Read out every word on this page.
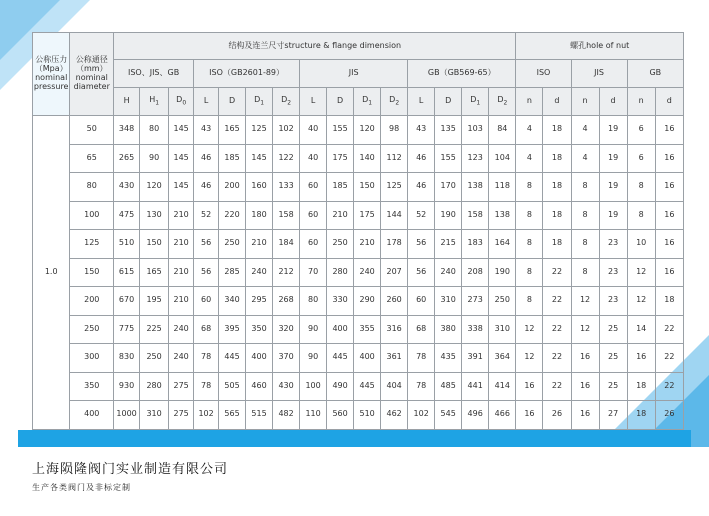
公称压力（Mpa）nominal pressure	公称通径（mm）nominal diameter	结构及连兰尺寸structure & flange dimension															螺孔hole of nut					
		ISO、JIS、GB			ISO（GB2601-89）				JIS				GB（GB569-65）				ISO		JIS		GB	
		H	$H_1$	$D_0$	L	D	$D_1$	$D_2$	L	D	$D_1$	$D_2$	L	D	$D_1$	$D_2$	n	d	n	d	n	d
1.0	50	348	80	145	43	165	125	102	40	155	120	98	43	135	103	84	4	18	4	19	6	16
	65	265	90	145	46	185	145	122	40	175	140	112	46	155	123	104	4	18	4	19	6	16
	80	430	120	145	46	200	160	133	60	185	150	125	46	170	138	118	8	18	8	19	8	16
	100	475	130	210	52	220	180	158	60	210	175	144	52	190	158	138	8	18	8	19	8	16
	125	510	150	210	56	250	210	184	60	250	210	178	56	215	183	164	8	18	8	23	10	16
	150	615	165	210	56	285	240	212	70	280	240	207	56	240	208	190	8	22	8	23	12	16
	200	670	195	210	60	340	295	268	80	330	290	260	60	310	273	250	8	22	12	23	12	18
	250	775	225	240	68	395	350	320	90	400	355	316	68	380	338	310	12	22	12	25	14	22
	300	830	250	240	78	445	400	370	90	445	400	361	78	435	391	364	12	22	16	25	16	22
	350	930	280	275	78	505	460	430	100	490	445	404	78	485	441	414	16	22	16	25	18	22
	400	1000	310	275	102	565	515	482	110	560	510	462	102	545	496	466	16	26	16	27	18	26
上海陨隆阀门实业制造有限公司
生产各类阀门及非标定制
